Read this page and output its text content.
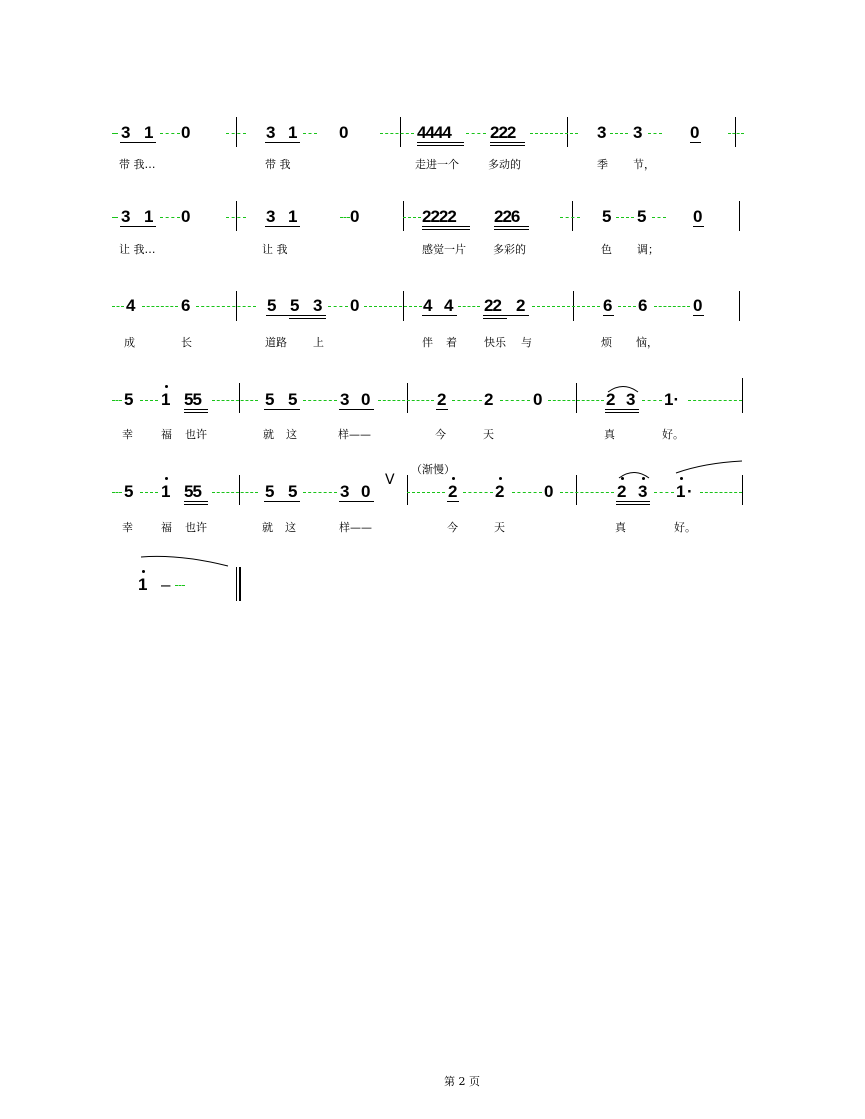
3 1 0	3 1 0	4444 222	3 3	0
带 我…	带 我	走进一个	多动的	季 节，
3 1 0	3 1	0	2222 226	5 5	0
让 我…	让 我	感觉一片 多彩的	色 调；
4	6	5 5 3 0	4 4 22 2	6 6	0
成	长	道路 上	伴 着 快乐 与	烦 恼，
5 1 55	5 5	3 0	2 2 0	2 3 1·
幸	福 也许	就 这	样——	今	天	真	好。
（渐慢）
5 1 55	5 5	3 0
V
2 2 0	2 3 1 ·
幸	福 也许	就 这	样——	今	天	真	好。
1 –
第 2 页
